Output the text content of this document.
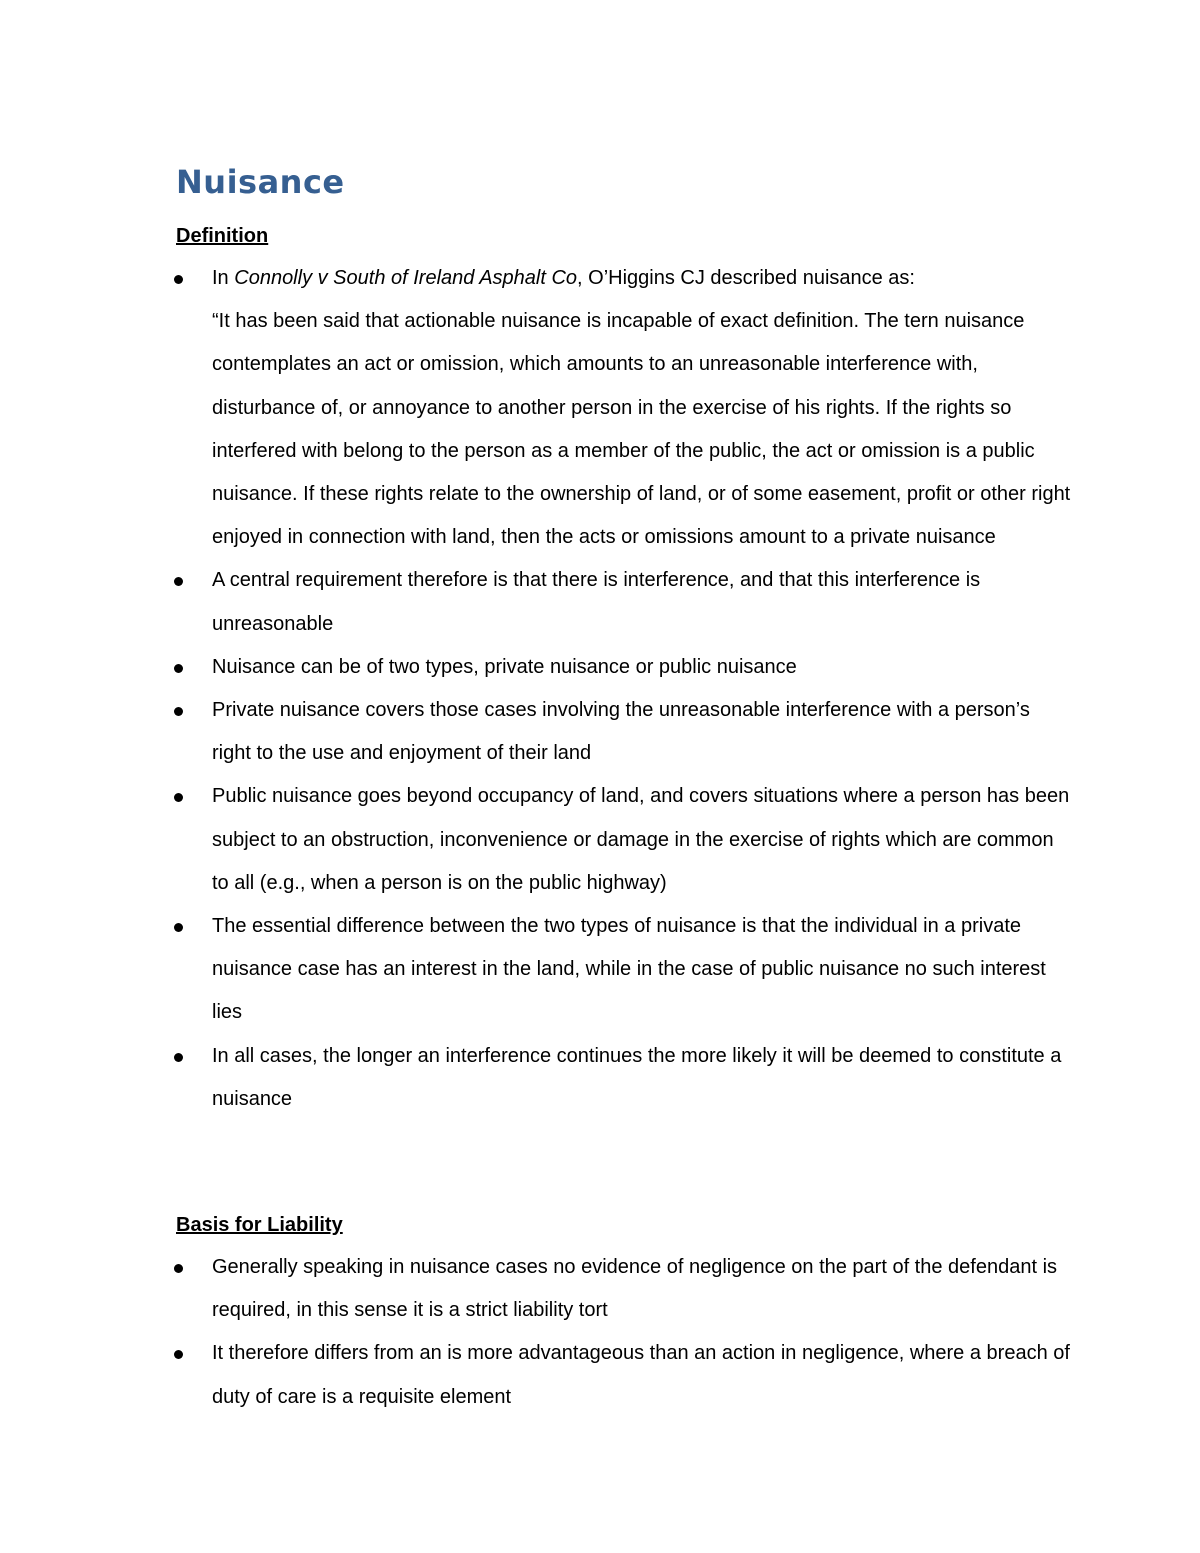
Nuisance
Definition
In Connolly v South of Ireland Asphalt Co, O’Higgins CJ described nuisance as:
“It has been said that actionable nuisance is incapable of exact definition. The tern nuisance contemplates an act or omission, which amounts to an unreasonable interference with, disturbance of, or annoyance to another person in the exercise of his rights. If the rights so interfered with belong to the person as a member of the public, the act or omission is a public nuisance. If these rights relate to the ownership of land, or of some easement, profit or other right enjoyed in connection with land, then the acts or omissions amount to a private nuisance
A central requirement therefore is that there is interference, and that this interference is unreasonable
Nuisance can be of two types, private nuisance or public nuisance
Private nuisance covers those cases involving the unreasonable interference with a person’s right to the use and enjoyment of their land
Public nuisance goes beyond occupancy of land, and covers situations where a person has been subject to an obstruction, inconvenience or damage in the exercise of rights which are common to all (e.g., when a person is on the public highway)
The essential difference between the two types of nuisance is that the individual in a private nuisance case has an interest in the land, while in the case of public nuisance no such interest lies
In all cases, the longer an interference continues the more likely it will be deemed to constitute a nuisance
Basis for Liability
Generally speaking in nuisance cases no evidence of negligence on the part of the defendant is required, in this sense it is a strict liability tort
It therefore differs from an is more advantageous than an action in negligence, where a breach of duty of care is a requisite element
